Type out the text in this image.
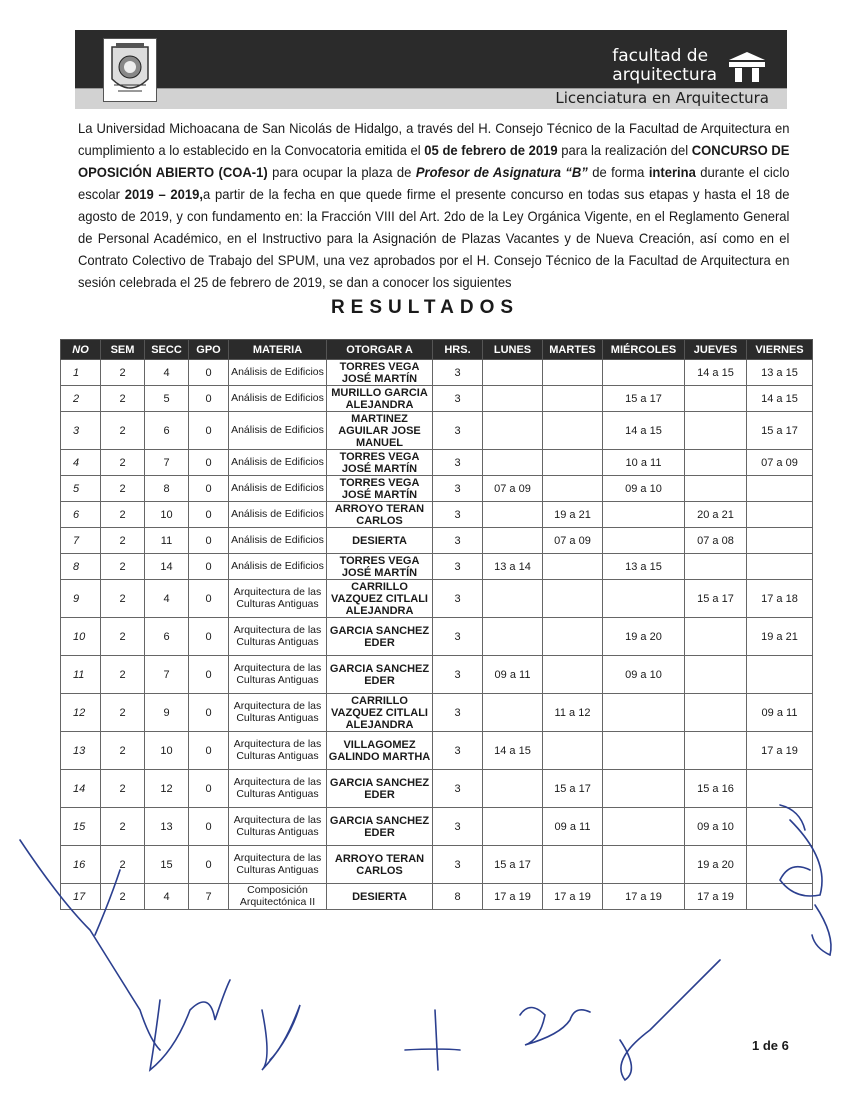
facultad de
arquitectura
Licenciatura en Arquitectura
La Universidad Michoacana de San Nicolás de Hidalgo, a través del H. Consejo Técnico de la Facultad de Arquitectura en cumplimiento a lo establecido en la Convocatoria emitida el 05 de febrero de 2019 para la realización del CONCURSO DE OPOSICIÓN ABIERTO (COA-1) para ocupar la plaza de Profesor de Asignatura “B” de forma interina durante el ciclo escolar 2019 – 2019,a partir de la fecha en que quede firme el presente concurso en todas sus etapas y hasta el 18 de agosto de 2019, y con fundamento en: la Fracción VIII del Art. 2do de la Ley Orgánica Vigente, en el Reglamento General de Personal Académico, en el Instructivo para la Asignación de Plazas Vacantes y de Nueva Creación, así como en el Contrato Colectivo de Trabajo del SPUM, una vez aprobados por el H. Consejo Técnico de la Facultad de Arquitectura en sesión celebrada el 25 de febrero de 2019, se dan a conocer los siguientes
RESULTADOS
NO	SEM	SECC	GPO	MATERIA	OTORGAR A	HRS.	LUNES	MARTES	MIÉRCOLES	JUEVES	VIERNES
1	2	4	0	Análisis de Edificios	TORRES VEGA JOSÉ MARTÍN	3				14 a 15	13 a 15
2	2	5	0	Análisis de Edificios	MURILLO GARCIA ALEJANDRA	3			15 a 17		14 a 15
3	2	6	0	Análisis de Edificios	MARTINEZ AGUILAR JOSE MANUEL	3			14 a 15		15 a 17
4	2	7	0	Análisis de Edificios	TORRES VEGA JOSÉ MARTÍN	3			10 a 11		07 a 09
5	2	8	0	Análisis de Edificios	TORRES VEGA JOSÉ MARTÍN	3	07 a 09		09 a 10		
6	2	10	0	Análisis de Edificios	ARROYO TERAN CARLOS	3		19 a 21		20 a 21	
7	2	11	0	Análisis de Edificios	DESIERTA	3		07 a 09		07 a 08	
8	2	14	0	Análisis de Edificios	TORRES VEGA JOSÉ MARTÍN	3	13 a 14		13 a 15		
9	2	4	0	Arquitectura de las Culturas Antiguas	CARRILLO VAZQUEZ CITLALI ALEJANDRA	3				15 a 17	17 a 18
10	2	6	0	Arquitectura de las Culturas Antiguas	GARCIA SANCHEZ EDER	3			19 a 20		19 a 21
11	2	7	0	Arquitectura de las Culturas Antiguas	GARCIA SANCHEZ EDER	3	09 a 11		09 a 10		
12	2	9	0	Arquitectura de las Culturas Antiguas	CARRILLO VAZQUEZ CITLALI ALEJANDRA	3		11 a 12			09 a 11
13	2	10	0	Arquitectura de las Culturas Antiguas	VILLAGOMEZ GALINDO MARTHA	3	14 a 15				17 a 19
14	2	12	0	Arquitectura de las Culturas Antiguas	GARCIA SANCHEZ EDER	3		15 a 17		15 a 16	
15	2	13	0	Arquitectura de las Culturas Antiguas	GARCIA SANCHEZ EDER	3		09 a 11		09 a 10	
16	2	15	0	Arquitectura de las Culturas Antiguas	ARROYO TERAN CARLOS	3	15 a 17			19 a 20	
17	2	4	7	Composición Arquitectónica II	DESIERTA	8	17 a 19	17 a 19	17 a 19	17 a 19	
1 de 6
